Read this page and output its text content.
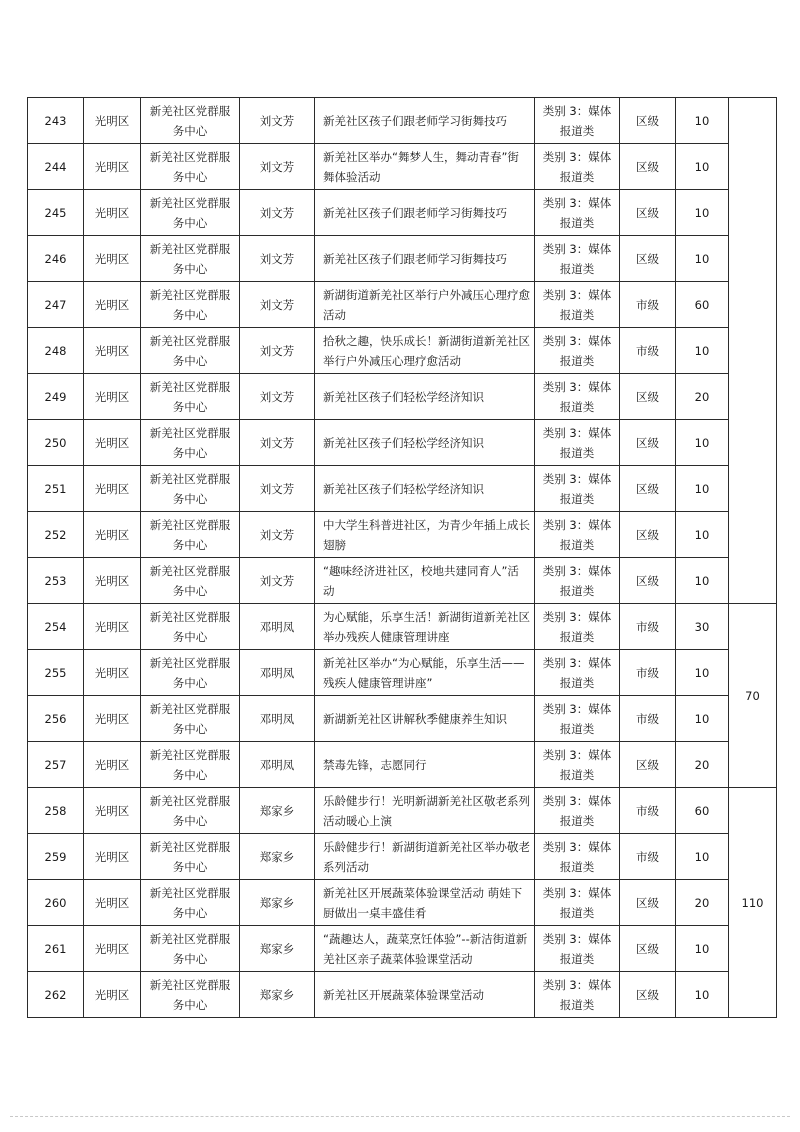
243	光明区	新羌社区党群服务中心	刘文芳	新羌社区孩子们跟老师学习街舞技巧	类别 3：媒体报道类	区级	10	
244	光明区	新羌社区党群服务中心	刘文芳	新羌社区举办“舞梦人生，舞动青春”街舞体验活动	类别 3：媒体报道类	区级	10	
245	光明区	新羌社区党群服务中心	刘文芳	新羌社区孩子们跟老师学习街舞技巧	类别 3：媒体报道类	区级	10	
246	光明区	新羌社区党群服务中心	刘文芳	新羌社区孩子们跟老师学习街舞技巧	类别 3：媒体报道类	区级	10	
247	光明区	新羌社区党群服务中心	刘文芳	新湖街道新羌社区举行户外减压心理疗愈活动	类别 3：媒体报道类	市级	60	
248	光明区	新羌社区党群服务中心	刘文芳	拾秋之趣，快乐成长！新湖街道新羌社区举行户外减压心理疗愈活动	类别 3：媒体报道类	市级	10	
249	光明区	新羌社区党群服务中心	刘文芳	新羌社区孩子们轻松学经济知识	类别 3：媒体报道类	区级	20	
250	光明区	新羌社区党群服务中心	刘文芳	新羌社区孩子们轻松学经济知识	类别 3：媒体报道类	区级	10	
251	光明区	新羌社区党群服务中心	刘文芳	新羌社区孩子们轻松学经济知识	类别 3：媒体报道类	区级	10	
252	光明区	新羌社区党群服务中心	刘文芳	中大学生科普进社区，为青少年插上成长翅膀	类别 3：媒体报道类	区级	10	
253	光明区	新羌社区党群服务中心	刘文芳	“趣味经济进社区，校地共建同育人”活动	类别 3：媒体报道类	区级	10	
254	光明区	新羌社区党群服务中心	邓明凤	为心赋能，乐享生活！新湖街道新羌社区举办残疾人健康管理讲座	类别 3：媒体报道类	市级	30	70
255	光明区	新羌社区党群服务中心	邓明凤	新羌社区举办“为心赋能，乐享生活——残疾人健康管理讲座”	类别 3：媒体报道类	市级	10	
256	光明区	新羌社区党群服务中心	邓明凤	新湖新羌社区讲解秋季健康养生知识	类别 3：媒体报道类	市级	10	
257	光明区	新羌社区党群服务中心	邓明凤	禁毒先锋，志愿同行	类别 3：媒体报道类	区级	20	
258	光明区	新羌社区党群服务中心	郑家乡	乐龄健步行！光明新湖新羌社区敬老系列活动暖心上演	类别 3：媒体报道类	市级	60	110
259	光明区	新羌社区党群服务中心	郑家乡	乐龄健步行！新湖街道新羌社区举办敬老系列活动	类别 3：媒体报道类	市级	10	
260	光明区	新羌社区党群服务中心	郑家乡	新羌社区开展蔬菜体验课堂活动 萌娃下厨做出一桌丰盛佳肴	类别 3：媒体报道类	区级	20	
261	光明区	新羌社区党群服务中心	郑家乡	“蔬趣达人，蔬菜烹饪体验”--新洁街道新羌社区亲子蔬菜体验课堂活动	类别 3：媒体报道类	区级	10	
262	光明区	新羌社区党群服务中心	郑家乡	新羌社区开展蔬菜体验课堂活动	类别 3：媒体报道类	区级	10	
